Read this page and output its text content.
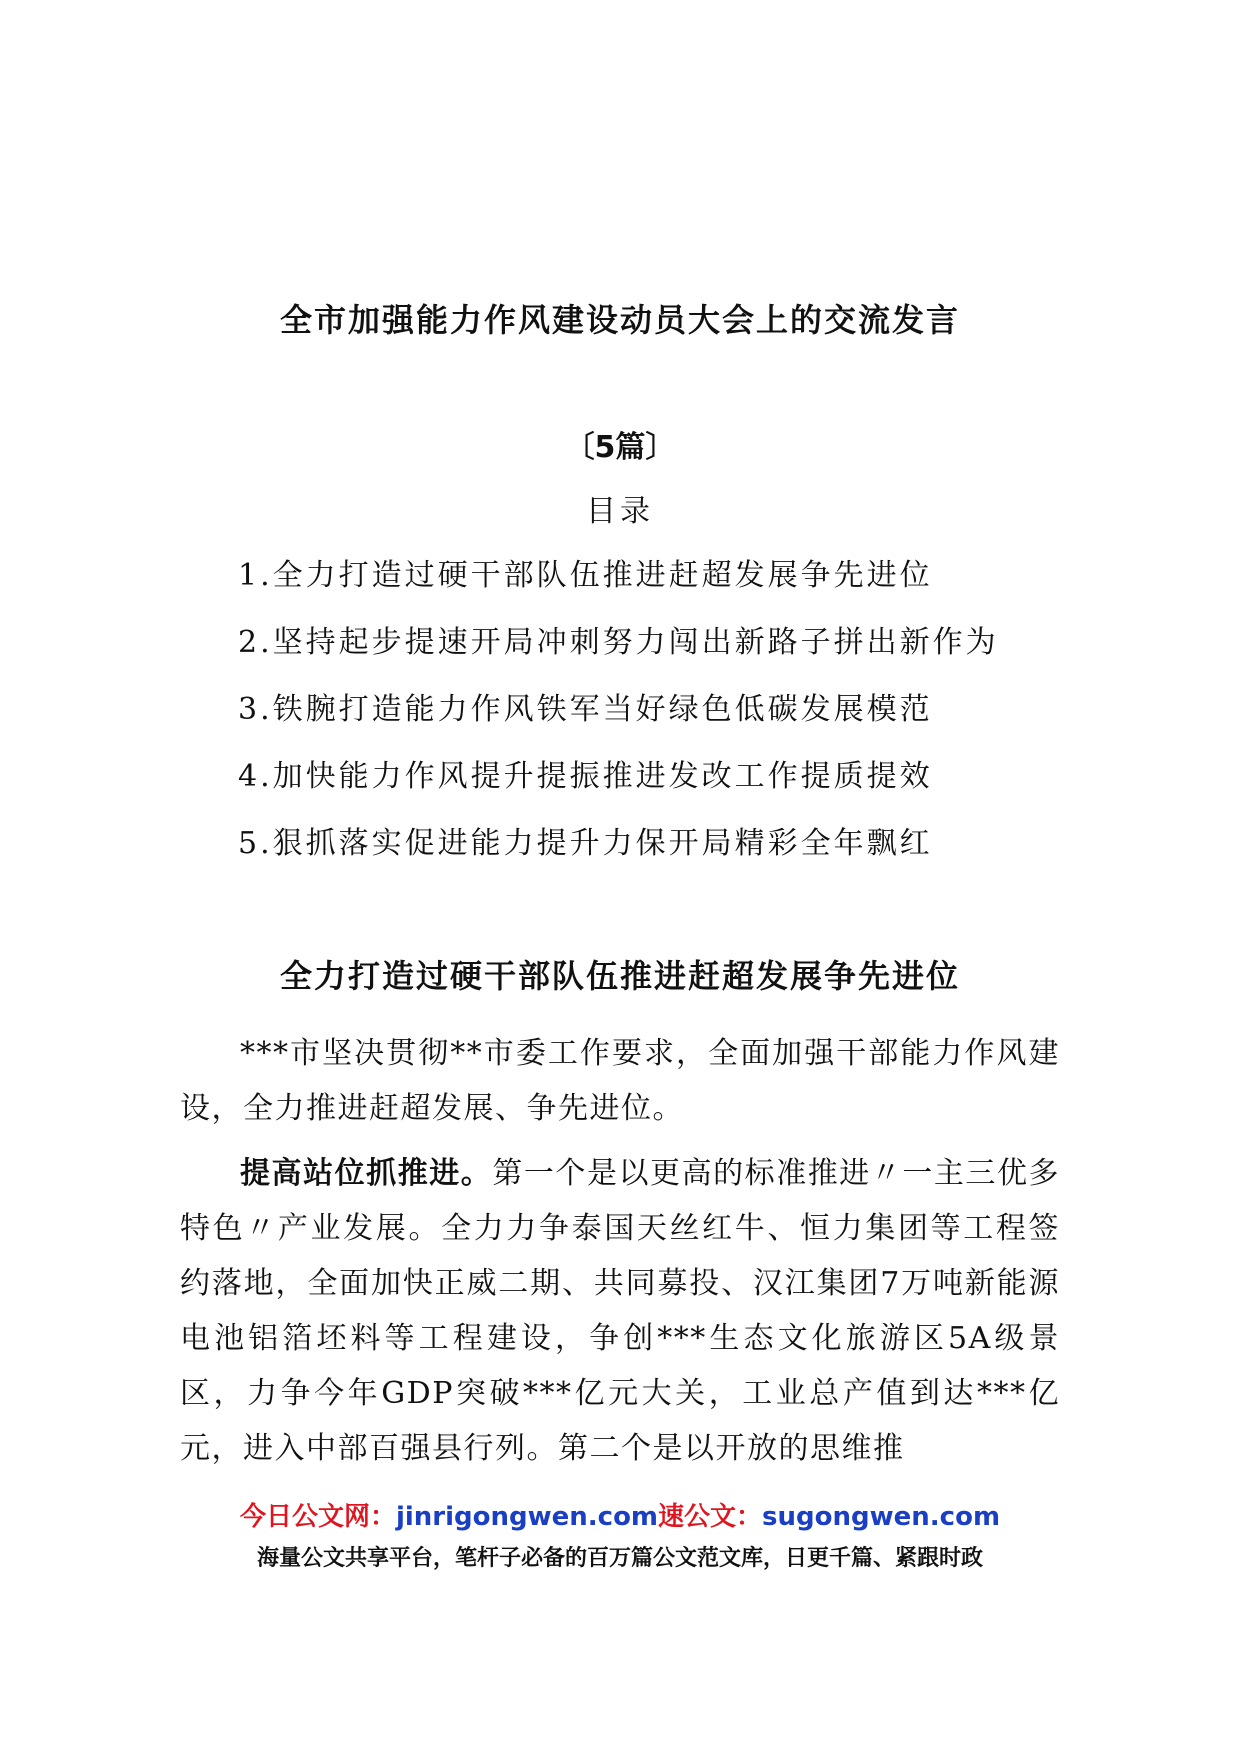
全市加强能力作风建设动员大会上的交流发言
〔5篇〕
目录
1.全力打造过硬干部队伍推进赶超发展争先进位
2.坚持起步提速开局冲刺努力闯出新路子拼出新作为
3.铁腕打造能力作风铁军当好绿色低碳发展模范
4.加快能力作风提升提振推进发改工作提质提效
5.狠抓落实促进能力提升力保开局精彩全年飘红
全力打造过硬干部队伍推进赶超发展争先进位

***市坚决贯彻**市委工作要求，全面加强干部能力作风建设，全力推进赶超发展、争先进位。

提高站位抓推进。第一个是以更高的标准推进〃一主三优多特色〃产业发展。全力力争泰国天丝红牛、恒力集团等工程签约落地，全面加快正威二期、共同募投、汉江集团7万吨新能源电池铝箔坯料等工程建设，争创***生态文化旅游区5A级景区，力争今年GDP突破***亿元大关，工业总产值到达***亿元，进入中部百强县行列。第二个是以开放的思维推

今日公文网：jinrigongwen.com速公文：sugongwen.com
海量公文共享平台，笔杆子必备的百万篇公文范文库，日更千篇、紧跟时政
